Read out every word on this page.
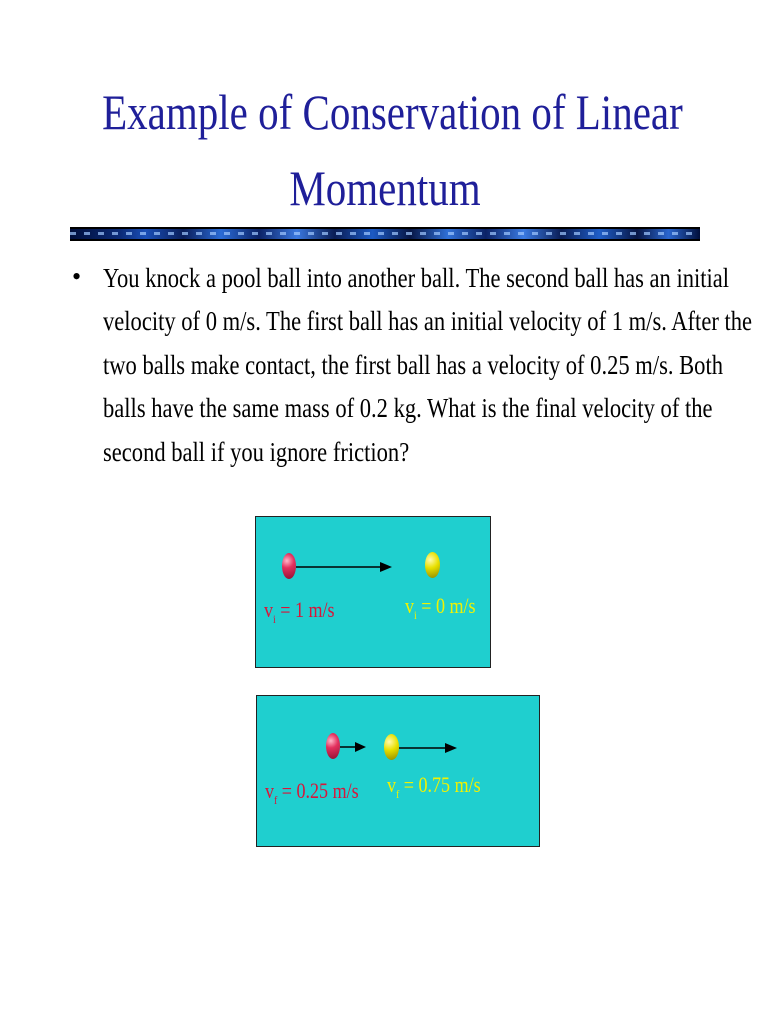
Example of Conservation of Linear
Momentum
• You knock a pool ball into another ball. The second ball has an initial
velocity of 0 m/s. The first ball has an initial velocity of 1 m/s. After the
two balls make contact, the first ball has a velocity of 0.25 m/s. Both
balls have the same mass of 0.2 kg. What is the final velocity of the
second ball if you ignore friction?
$v_i = 1$ m/s	$v_i = 0$ m/s
$v_f = 0.25$ m/s $v_f = 0.75$ m/s
